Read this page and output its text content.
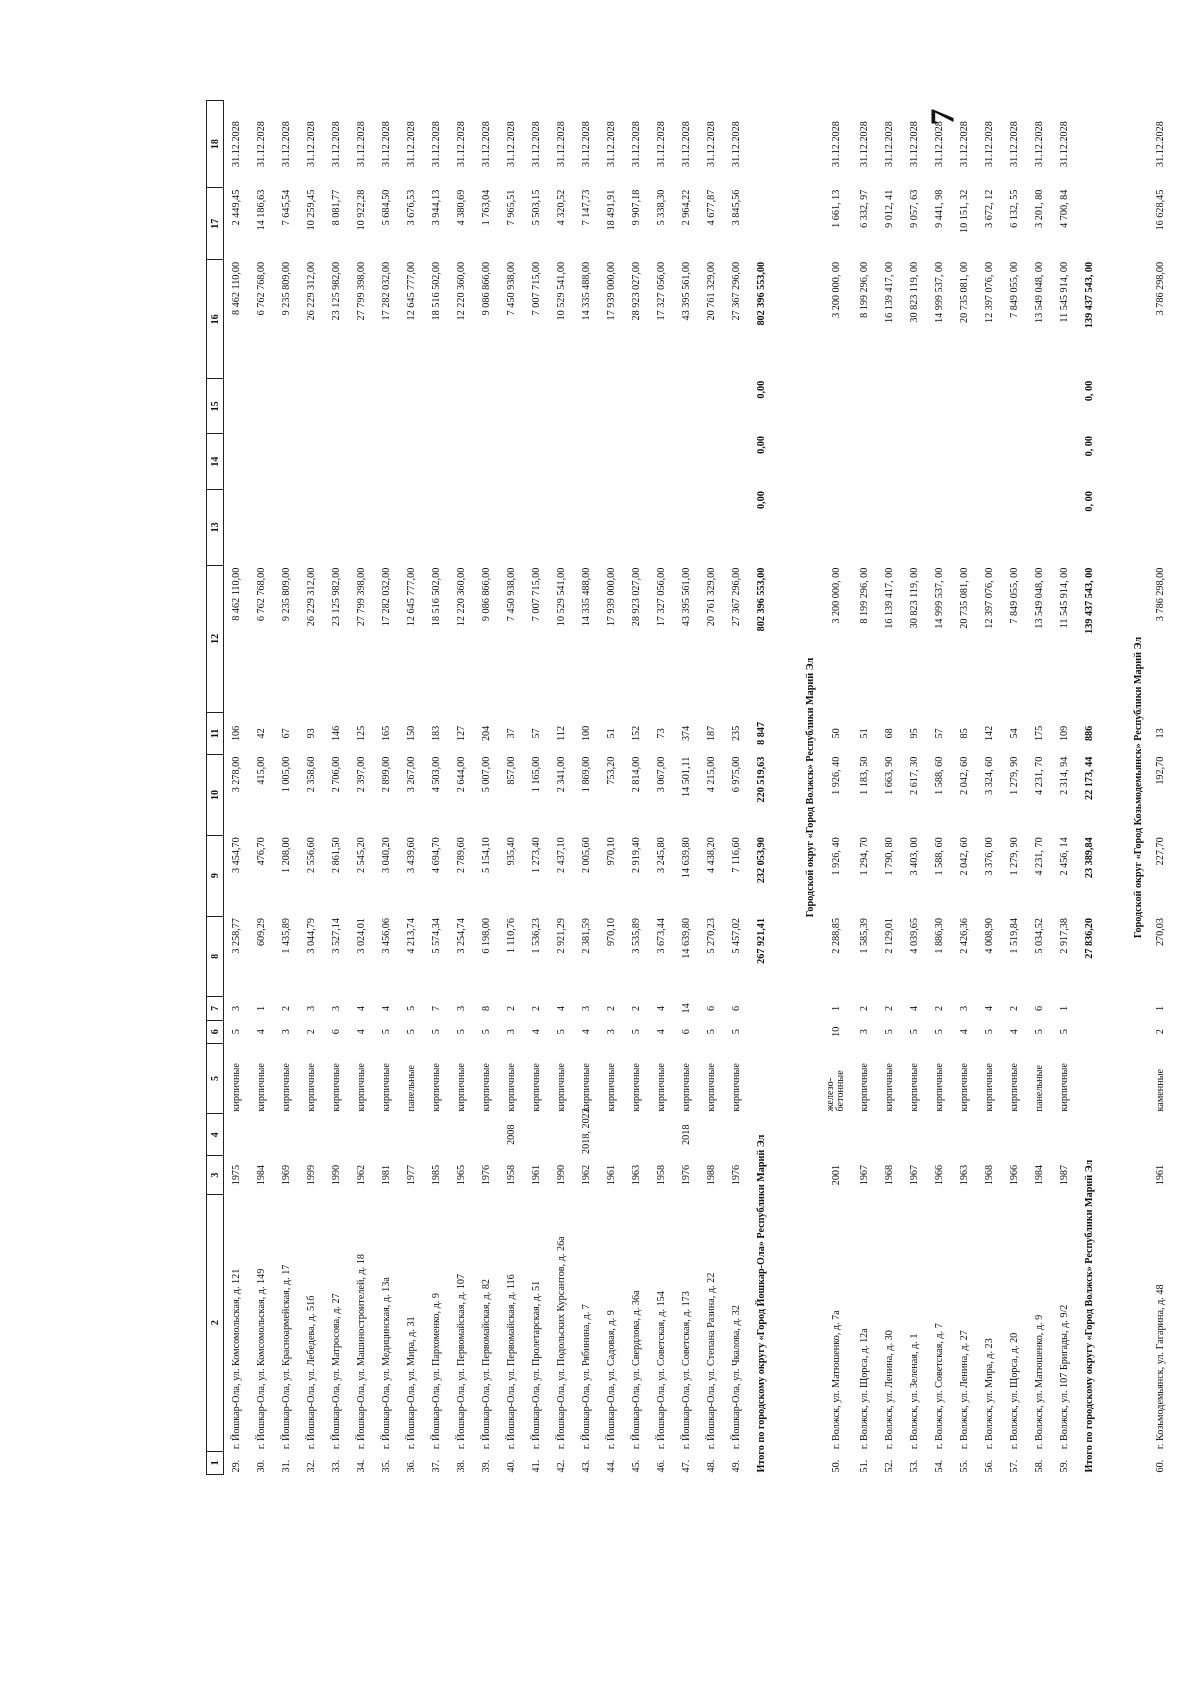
7
1	2	3	4	5	6	7	8	9	10	11	12	13	14	15	16	17	18
29.	г. Йошкар-Ола, ул. Комсомольская, д. 121	1975		кирпичные	5	3	3 258,77	3 454,70	3 278,00	106	8 462 110,00				8 462 110,00	2 449,45	31.12.2028
30.	г. Йошкар-Ола, ул. Комсомольская, д. 149	1984		кирпичные	4	1	609,29	476,70	415,00	42	6 762 768,00				6 762 768,00	14 186,63	31.12.2028
31.	г. Йошкар-Ола, ул. Красноармейская, д. 17	1969		кирпичные	3	2	1 435,89	1 208,00	1 005,00	67	9 235 809,00				9 235 809,00	7 645,54	31.12.2028
32.	г. Йошкар-Ола, ул. Лебедева, д. 51б	1999		кирпичные	2	3	3 044,79	2 556,60	2 358,60	93	26 229 312,00				26 229 312,00	10 259,45	31.12.2028
33.	г. Йошкар-Ола, ул. Матросова, д. 27	1990		кирпичные	6	3	3 527,14	2 861,50	2 706,00	146	23 125 982,00				23 125 982,00	8 081,77	31.12.2028
34.	г. Йошкар-Ола, ул. Машиностроителей, д. 18	1962		кирпичные	4	4	3 024,01	2 545,20	2 397,00	125	27 799 398,00				27 799 398,00	10 922,28	31.12.2028
35.	г. Йошкар-Ола, ул. Медицинская, д. 13а	1981		кирпичные	5	4	3 456,06	3 040,20	2 899,00	165	17 282 032,00				17 282 032,00	5 684,50	31.12.2028
36.	г. Йошкар-Ола, ул. Мира, д. 31	1977		панельные	5	5	4 213,74	3 439,60	3 267,00	150	12 645 777,00				12 645 777,00	3 676,53	31.12.2028
37.	г. Йошкар-Ола, ул. Пархоменко, д. 9	1985		кирпичные	5	7	5 574,34	4 694,70	4 503,00	183	18 516 502,00				18 516 502,00	3 944,13	31.12.2028
38.	г. Йошкар-Ола, ул. Первомайская, д. 107	1965		кирпичные	5	3	3 254,74	2 789,60	2 644,00	127	12 220 360,00				12 220 360,00	4 380,69	31.12.2028
39.	г. Йошкар-Ола, ул. Первомайская, д. 82	1976		кирпичные	5	8	6 198,00	5 154,10	5 007,00	204	9 086 866,00				9 086 866,00	1 763,04	31.12.2028
40.	г. Йошкар-Ола, ул. Первомайская, д. 116	1958	2008	кирпичные	3	2	1 110,76	935,40	857,00	37	7 450 938,00				7 450 938,00	7 965,51	31.12.2028
41.	г. Йошкар-Ола, ул. Пролетарская, д. 51	1961		кирпичные	4	2	1 536,23	1 273,40	1 165,00	57	7 007 715,00				7 007 715,00	5 503,15	31.12.2028
42.	г. Йошкар-Ола, ул. Подольских Курсантов, д. 26а	1990		кирпичные	5	4	2 921,29	2 437,10	2 341,00	112	10 529 541,00				10 529 541,00	4 320,52	31.12.2028
43.	г. Йошкар-Ола, ул. Рябинина, д. 7	1962	2018, 2022	кирпичные	4	3	2 381,59	2 005,60	1 869,00	100	14 335 488,00				14 335 488,00	7 147,73	31.12.2028
44.	г. Йошкар-Ола, ул. Садовая, д. 9	1961		кирпичные	3	2	970,10	970,10	753,20	51	17 939 000,00				17 939 000,00	18 491,91	31.12.2028
45.	г. Йошкар-Ола, ул. Свердлова, д. 36а	1963		кирпичные	5	2	3 535,89	2 919,40	2 814,00	152	28 923 027,00				28 923 027,00	9 907,18	31.12.2028
46.	г. Йошкар-Ола, ул. Советская, д. 154	1958		кирпичные	4	4	3 673,44	3 245,80	3 067,00	73	17 327 056,00				17 327 056,00	5 338,30	31.12.2028
47.	г. Йошкар-Ола, ул. Советская, д. 173	1976	2018	кирпичные	6	14	14 639,80	14 639,80	14 501,11	374	43 395 561,00				43 395 561,00	2 964,22	31.12.2028
48.	г. Йошкар-Ола, ул. Степана Разина, д. 22	1988		кирпичные	5	6	5 270,23	4 438,20	4 215,00	187	20 761 329,00				20 761 329,00	4 677,87	31.12.2028
49.	г. Йошкар-Ола, ул. Чкалова, д. 32	1976		кирпичные	5	6	5 457,02	7 116,60	6 975,00	235	27 367 296,00				27 367 296,00	3 845,56	31.12.2028
Итого по городскому округу «Город Йошкар-Ола» Республики Марий Эл							267 921,41	232 053,90	220 519,63	8 847	802 396 553,00	0,00	0,00	0,00	802 396 553,00		

Городской округ «Город Волжск» Республики Марий Эл																	
50.	г. Волжск, ул. Матюшенко, д. 7а	2001		железо-бетонные	10	1	2 288,85	1 926, 40	1 926, 40	50	3 200 000, 00				3 200 000, 00	1 661, 13	31.12.2028
51.	г. Волжск, ул. Щорса, д. 12а	1967		кирпичные	3	2	1 585,39	1 294, 70	1 183, 50	51	8 199 296, 00				8 199 296, 00	6 332, 97	31.12.2028
52.	г. Волжск, ул. Ленина, д. 30	1968		кирпичные	5	2	2 129,01	1 790, 80	1 663, 90	68	16 139 417, 00				16 139 417, 00	9 012, 41	31.12.2028
53.	г. Волжск, ул. Зеленая, д. 1	1967		кирпичные	5	4	4 039,65	3 403, 00	2 617, 30	95	30 823 119, 00				30 823 119, 00	9 057, 63	31.12.2028
54.	г. Волжск, ул. Советская, д. 7	1966		кирпичные	5	2	1 886,30	1 588, 60	1 588, 60	57	14 999 537, 00				14 999 537, 00	9 441, 98	31.12.2028
55.	г. Волжск, ул. Ленина, д. 27	1963		кирпичные	4	3	2 426,36	2 042, 60	2 042, 60	85	20 735 081, 00				20 735 081, 00	10 151, 32	31.12.2028
56.	г. Волжск, ул. Мира, д. 23	1968		кирпичные	5	4	4 008,90	3 376, 00	3 324, 60	142	12 397 076, 00				12 397 076, 00	3 672, 12	31.12.2028
57.	г. Волжск, ул. Щорса, д. 20	1966		кирпичные	4	2	1 519,84	1 279, 90	1 279, 90	54	7 849 055, 00				7 849 055, 00	6 132, 55	31.12.2028
58.	г. Волжск, ул. Матюшенко, д. 9	1984		панельные	5	6	5 034,52	4 231, 70	4 231, 70	175	13 549 048, 00				13 549 048, 00	3 201, 80	31.12.2028
59.	г. Волжск, ул. 107 Бригады, д. 9/2	1987		кирпичные	5	1	2 917,38	2 456, 14	2 314, 94	109	11 545 914, 00				11 545 914, 00	4 700, 84	31.12.2028
Итого по городскому округу «Город Волжск» Республики Марий Эл							27 836,20	23 389,84	22 173, 44	886	139 437 543, 00	0, 00	0, 00	0, 00	139 437 543, 00		

Городской округ «Город Козьмодемьянск» Республики Марий Эл																	
60.	г. Козьмодемьянск, ул. Гагарина, д. 48	1961		каменные	2	1	270,03	227,70	192,70	13	3 786 298,00				3 786 298,00	16 628,45	31.12.2028
